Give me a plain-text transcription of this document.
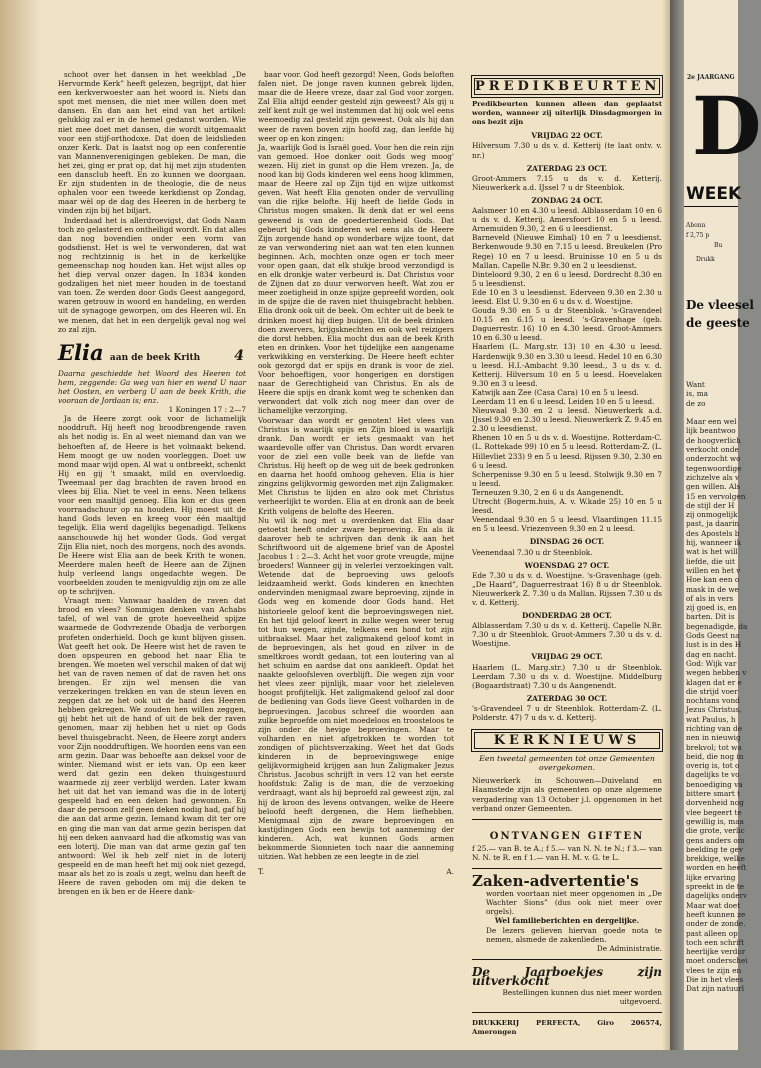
schoot over het dansen in het weekblad „De Hervormde Kerk” heeft gelezen, begrijpt, dat hier een kerkverwoester aan het woord is. Niets dan spot met mensen, die niet mee willen doen met dansen. En dan aan het eind van het artikel: gelukkig zal er in de hemel gedanst worden. Wie niet mee doet met dansen, die wordt uitgemaakt voor een stijf-orthodoxe. Dat doen de leidslieden onzer Kerk. Dat is laatst nog op een conferentie van Mannenverenigingen gebleken. De man, die het zei, ging er prat op, dat hij met zijn studenten een dansclub heeft. En zo kunnen we doorgaan. Er zijn studenten in de theologie, die de neus ophalen voor een tweede kerkdienst op Zondag, maar wèl op de dag des Heeren in de herberg te vinden zijn bij het biljart.

Inderdaad het is allerdroevigst, dat Gods Naam toch zo gelasterd en ontheiligd wordt. En dat alles dan nog bovendien onder een vorm van godsdienst. Het is wel te verwonderen, dat wat nog rechtzinnig is het in de kerkelijke gemeenschap nog houden kan. Het wijst alles op het diep verval onzer dagen. In 1834 konden godzaligen het niet meer houden in de toestand van toen. Ze werden door Gods Geest aangegord, waren getrouw in woord en handeling, en werden uit de synagoge geworpen, om des Heeren wil. En we menen, dat het in een dergelijk geval nog wel zo zal zijn.

Elia aan de beek Krith 4

Daarna geschiedde het Woord des Heeren tot hem, zeggende: Ga weg van hier en wend U naar het Oosten, en verberg U aan de beek Krith, die vooraan de Jordaan is; enz.

1 Koningen 17 : 2—7

Ja de Heere zorgt ook voor de lichamelijk nooddruft. Hij heeft nog broodbrengende raven als het nodig is. En al weet niemand dan van we behoeften af, de Heere is het volmaakt bekend. Hem moogt ge uw noden voorleggen. Doet uw mond maar wijd open. Al wat u ontbreekt, schenkt Hij en gij 't smaakt, mild en overvloedig. Tweemaal per dag brachten de raven brood en vlees bij Elia. Niet te veel in eens. Neen telkens voor een maaltijd genoeg. Elia kon er dus geen voorraadschuur op na houden. Hij moest uit de hand Gods leven en kreeg voor één maaltijd tegelijk. Elia werd dagelijks begenadigd. Telkens aanschouwde hij het wonder Gods. God vergat Zijn Elia niet, noch des morgens, noch des avonds. De Heere wist Elia aan de beek Krith te wonen. Meerdere malen heeft de Heere aan de Zijnen hulp verleend langs ongedachte wegen. De voorbeelden zouden te menigvuldig zijn om ze alle op te schrijven.

Vraagt men: Vanwaar haalden de raven dat brood en vlees? Sommigen denken van Achabs tafel, of wel van de grote hoeveelheid spijze waarmede de Godvrezende Obadja de verborgen profeten onderhield. Doch ge kunt blijven gissen. Wat geeft het ook. De Heere wist het de raven te doen opspeuren en gebood het naar Elia te brengen. We moeten wel verschil maken of dat wij het van de raven nemen of dat de raven het ons brengen. Er zijn wel mensen die van verzekeringen trekken en van de steun leven en zeggen dat ze het ook uit de hand des Heeren hebben gekregen. We zouden hen willen zeggen, gij hebt het uit de hand of uit de bek der raven genomen, maar zij hebben het u niet op Gods bevel thuisgebracht. Neen, de Heere zorgt anders voor Zijn nooddruftigen. We hoorden eens van een arm gezin. Daar was behoefte aan deksel voor de winter. Niemand wist er iets van. Op een keer werd dat gezin een deken thuisgestuurd waarmede zij zeer verblijd werden. Later kwam het uit dat het van iemand was die in de loterij gespeeld had en een deken had gewonnen. En daar de persoon zelf geen deken nodig had, gaf hij die aan dat arme gezin. Iemand kwam dit ter ore en ging die man van dat arme gezin berispen dat hij een deken aanvaard had die afkomstig was van een loterij. Die man van dat arme gezin gaf ten antwoord: Wel ik heb zelf niet in de loterij gespeeld en de man heeft het mij ook niet gezegd, maar als het zo is zoals u zegt, welnu dan heeft de Heere de raven geboden om mij die deken te brengen en ik ben er de Heere dank-

baar voor. God heeft gezorgd! Neen, Gods beloften falen niet. De jonge raven kunnen gebrek lijden, maar die de Heere vreze, daar zal God voor zorgen. Zal Elia altijd eender gesteld zijn geweest? Als gij u zelf kent zult ge wel instemmen dat hij ook wel eens weemoedig zal gesteld zijn geweest. Ook als hij dan weer de raven boven zijn hoofd zag, dan leefde hij weer op en kon zingen:
Ja, waarlijk God is Israël goed. Voor hen die rein zijn van gemoed. Hoe donker ooit Gods weg moog' wezen. Hij ziet in gunst op die Hem vrezen. Ja, de nood kan bij Gods kinderen wel eens hoog klimmen, maar de Heere zal op Zijn tijd en wijze uitkomst geven. Wat heeft Elia genoten onder de vervulling van die rijke belofte. Hij heeft de liefde Gods in Christus mogen smaken. Ik denk dat er wel eens geweend is van de goedertierenheid Gods. Dat gebeurt bij Gods kinderen wel eens als de Heere Zijn zorgende hand op wonderbare wijze toont, dat ze van verwondering niet aan wat ten eten kunnen beginnen. Ach, mochten onze ogen er toch meer voor open gaan, dat elk stukje brood verzondigd is en elk dronkje water verbeurd is. Dat Christus voor de Zijnen dat zo duur verworven heeft. Wat zou er meer zoetigheid in onze spijze gepreefd worden, ook in de spijze die de raven niet thuisgebracht hebben. Elia dronk ook uit de beek. Om echter uit de beek te drinken moest hij diep buigen. Uit de beek drinken doen zwervers, krijgsknechten en ook wel reizigers die dorst hebben. Elia mocht dus aan de beek Krith eten en drinken. Voor het tijdelijke een aangename verkwikking en versterking. De Heere heeft echter ook gezorgd dat er spijs en drank is voor de ziel. Voor behoeftigen, voor hongerigen en dorstigen naar de Gerechtigheid van Christus. En als de Heere die spijs en drank komt weg te schenken dan verwondert dat volk zich nog meer dan over de lichamelijke verzorging.
Voorwaar dan wordt er genoten! Het vlees van Christus is waarlijk spijs en Zijn bloed is waarlijk drank. Dan wordt er iets gesmaakt van het waardevolle offer van Christus. Dan wordt ervaren voor de ziel een volle beek van de liefde van Christus. Hij heeft op de weg uit de beek gedronken en daarna het hoofd omhoog geheven. Elia is hier zingzins gelijkvormig geworden met zijn Zaligmaker. Met Christus te lijden en alzo ook met Christus verheerlijkt te worden. Elia at en dronk aan de beek Krith volgens de belofte des Heeren.
Nu wil ik nog met u overdenken dat Elia daar getoetst heeft onder zware beproeving. En als ik daarover heb te schrijven dan denk ik aan het Schriftwoord uit de algemene brief van de Apostel Jacobus 1 : 2—3. Acht het voor grote vreugde, mijne broeders! Wanneer gij in velerlei verzoekingen valt. Wetende dat de beproeving uws geloofs leidzaamheid werkt. Gods kinderen en knechten ondervinden menigmaal zware beproeving, zijnde in Gods weg en komende door Gods hand. Het historieele geloof kent die beproevingswegen niet. En het tijd geloof keert in zulke wegen weer terug tot hun wegen, zijnde, telkens een hond tot zijn uitbraaksel. Maar het zaligmakend geloof komt in de beproevingen, als het goud en zilver in de smeltkroes wordt gedaan, tot een loutering van al het schuim en aardse dat ons aankleeft. Opdat het naakte geloofsleven overblijft. Die wegen zijn voor het vlees zeer pijnlijk, maar voor het zieleleven hoogst profijtelijk. Het zaligmakend geloof zal door de bediening van Gods lieve Geest volharden in de beproevingen. Jacobus schreef die woorden aan zulke beproefde om niet moedeloos en troosteloos te zijn onder de hevige beproevingen. Maar te volharden en niet afgetrokken te worden tot zondigen of plichtsverzaking. Weet het dat Gods kinderen in de beproevingswege enige gelijkvormigheid krijgen aan hun Zaligmaker Jezus Christus. Jacobus schrijft in vers 12 van het eerste hoofdstuk: Zalig is de man, die de verzoeking verdraagt, want als hij beproefd zal geweest zijn, zal hij de kroon des levens ontvangen, welke de Heere beloofd heeft dergenen, die Hem liefhebben. Menigmaal zijn de zware beproevingen en kastijdingen Gods een bewijs tot aanneming der kinderen. Ach, wat kunnen Gods armen bekommerde Sionnieten toch naar die aanneming uitzien. Wat hebben ze een leegte in de ziel

T.	A.
PREDIKBEURTEN

Predikbeurten kunnen alleen dan geplaatst worden, wanneer zij uiterlijk Dinsdagmorgen in ons bezit zijn

VRIJDAG 22 OCT.

Hilversum 7.30 u ds v. d. Ketterij (te laat ontv. v. nr.)

ZATERDAG 23 OCT.

Groot-Ammers 7.15 u ds v. d. Ketterij. Nieuwerkerk a.d. IJssel 7 u dr Steenblok.

ZONDAG 24 OCT.

Aalsmeer 10 en 4.30 u leesd. Alblasserdam 10 en 6 u ds v. d. Ketterij. Amersfoort 10 en 5 u leesd. Arnemuiden 9.30, 2 en 6 u leesdienst.
Barneveld (Nieuwe Eimhal) 10 en 7 u leesdienst. Berkenwoude 9.30 en 7.15 u leesd. Breukelen (Pro Rege) 10 en 7 u leesd. Bruinisse 10 en 5 u ds Mallan. Capelle N.Br. 9.30 en 2 u leesdienst.
Dinteloord 9.30, 2 en 6 u leesd. Dordrecht 8.30 en 5 u leesdienst.
Ede 10 en 3 u leesdienst. Ederveen 9.30 en 2.30 u leesd. Elst U. 9.30 en 6 u ds v. d. Woestijne.
Gouda 9.30 en 5 u dr Steenblok. 's-Gravendeel 10.15 en 6.15 u leesd. 's-Gravenhage (geb. Daguerrestr. 16) 10 en 4.30 leesd. Groot-Ammers 10 en 6.30 u leesd.
Haarlem (L. Marg.str. 13) 10 en 4.30 u leesd. Hardenwijk 9.30 en 3.30 u leesd. Hedel 10 en 6.30 u leesd. H.I.-Ambacht 9.30 leesd., 3 u ds v. d. Ketterij. Hilversum 10 en 5 u leesd. Hoevelaken 9.30 en 3 u leesd.
Katwijk aan Zee (Casa Cara) 10 en 5 u leesd.
Leerdam 11 en 6 u leesd. Leiden 10 en 5 u leesd.
Nieuwaal 9.30 en 2 u leesd. Nieuwerkerk a.d. IJssel 9.30 en 2.30 u leesd. Nieuwerkerk Z. 9.45 en 2.30 u leesdienst.
Rhenen 10 en 5 u ds v. d. Woestijne. Rotterdam-C. (L. Rottekade 99) 10 en 5 u leesd. Rotterdam-Z. (L. Hillevliet 233) 9 en 5 u leesd. Rijssen 9.30, 2.30 en 6 u leesd.
Scherpenisse 9.30 en 5 u leesd. Stolwijk 9.30 en 7 u leesd.
Terneuzen 9.30, 2 en 6 u ds Aangenendt.
Utrecht (Bogerm.huis, A. v. W.kade 25) 10 en 5 u leesd.
Veenendaal 9.30 en 5 u leesd. Vlaardingen 11.15 en 5 u leesd. Vriezenveen 9.30 en 2 u leesd.

DINSDAG 26 OCT.

Veenendaal 7.30 u dr Steenblok.

WOENSDAG 27 OCT.

Ede 7.30 u ds v. d. Woestijne. 's-Gravenhage (geb. „De Haard”, Daguerrestraat 16) 8 u dr Steenblok. Nieuwerkerk Z. 7.30 u ds Mallan. Rijssen 7.30 u ds v. d. Ketterij.

DONDERDAG 28 OCT.

Alblasserdam 7.30 u ds v. d. Ketterij. Capelle N.Br. 7.30 u dr Steenblok. Groot-Ammers 7.30 u ds v. d. Woestijne.

VRIJDAG 29 OCT.

Haarlem (L. Marg.str.) 7.30 u dr Steenblok. Leerdam 7.30 u ds v. d. Woestijne. Middelburg (Bogaardstraat) 7.30 u ds Aangenendt.

ZATERDAG 30 OCT.

's-Gravendeel 7 u dr Steenblok. Rotterdam-Z. (L. Polderstr. 47) 7 u ds v. d. Ketterij.

KERKNIEUWS

Een tweetal gemeenten tot onze Gemeenten overgekomen.

Nieuwerkerk in Schouwen—Duiveland en Haamstede zijn als gemeenten op onze algemene vergadering van 13 October j.l. opgenomen in het verband onzer Gemeenten.

ONTVANGEN GIFTEN

f 25.— van B. te A.; f 5.— van N. N. te N.; f 3.— van N. N. te R. en f 1.— van H. M. v. G. te L.

Zaken-advertentie's

worden voortaan niet meer opgenomen in „De Wachter Sions” (dus ook niet meer over orgels).

Wel familieberichten en dergelijke.

De lezers gelieven hiervan goede nota te nemen, alsmede de zakenlieden.

De Administratie.

De Jaarboekjes zijn uitverkocht

Bestellingen kunnen dus niet meer worden uitgevoerd.

DRUKKERIJ PERFECTA, Giro 206574, Amerongen

2e JAARGANG
D
WEEK
Abonn
f 2,75 p
Bu
Drukk
De vleesel
de geeste
Want
is, ma
de zo

Maar een wel
lijk beantwoo
de hoogverlich
verkocht onde
onderzocht wo
tegenwoordige
zichzelve als v
gen willen. Als
15 en vervolgen
de stijl der H
zij onmogelijk
past, ja daarin
des Apostels b
hij, wanneer ik
wat is het will
liefde, die uit
willen en het v
Hoe kan een o
mask in de we
of als in vers
zij goed is, en
barten. Dit is
begenadigde, da
Gods Geest na
lust is in des H
dag en nacht.
God: Wijk var
wegen hebben v
klagen dat er e
die strijd voer
nochtans vond
Jezus Christus,
wat Paulus, h
richting van de
nen in nieuwig
brekvol; tot wa
beid, die nog in
overig is, tot o
dagelijks te vo
benoediging va
bittere smart t
dorvenheid nog
vlee begeert te
gewillig is, maa
die grote, verlic
gens anders om
beelding te gev
brekkige, welke
worden en heeft
lijke ervaring
spreekt in de te
dagelijks onderv
Maar wat doet
heeft kunnen ze
onder de zonde.
past alleen op
toch een schrift
heerlijke verdor
moet onderschei
vlees te zijn en
Die in het vlees
Dat zijn natuurl
